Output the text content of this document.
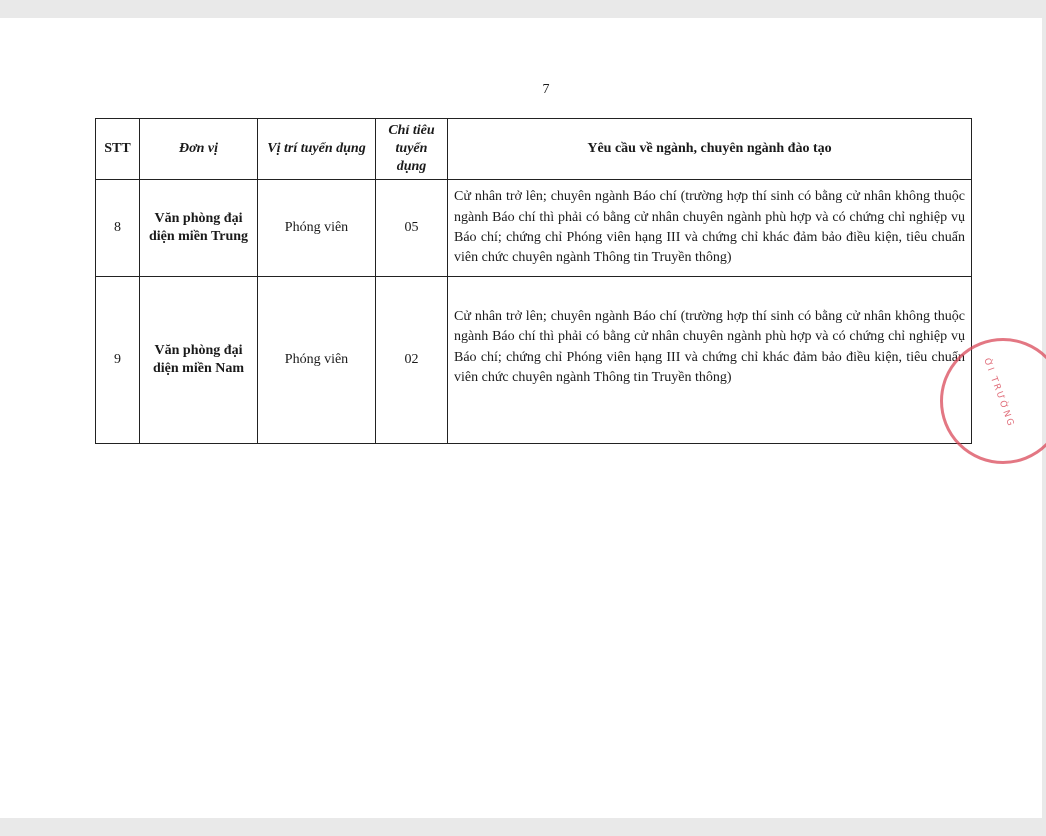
7
STT	Đơn vị	Vị trí tuyển dụng	Chỉ tiêu tuyển dụng	Yêu cầu về ngành, chuyên ngành đào tạo
8	Văn phòng đại diện miền Trung	Phóng viên	05	Cử nhân trở lên; chuyên ngành Báo chí (trường hợp thí sinh có bằng cử nhân không thuộc ngành Báo chí thì phải có bằng cử nhân chuyên ngành phù hợp và có chứng chỉ nghiệp vụ Báo chí; chứng chỉ Phóng viên hạng III và chứng chỉ khác đảm bảo điều kiện, tiêu chuẩn viên chức chuyên ngành Thông tin Truyền thông)
9	Văn phòng đại diện miền Nam	Phóng viên	02	Cử nhân trở lên; chuyên ngành Báo chí (trường hợp thí sinh có bằng cử nhân không thuộc ngành Báo chí thì phải có bằng cử nhân chuyên ngành phù hợp và có chứng chỉ nghiệp vụ Báo chí; chứng chỉ Phóng viên hạng III và chứng chỉ khác đảm bảo điều kiện, tiêu chuẩn viên chức chuyên ngành Thông tin Truyền thông)	ỜI TRƯỜNG
